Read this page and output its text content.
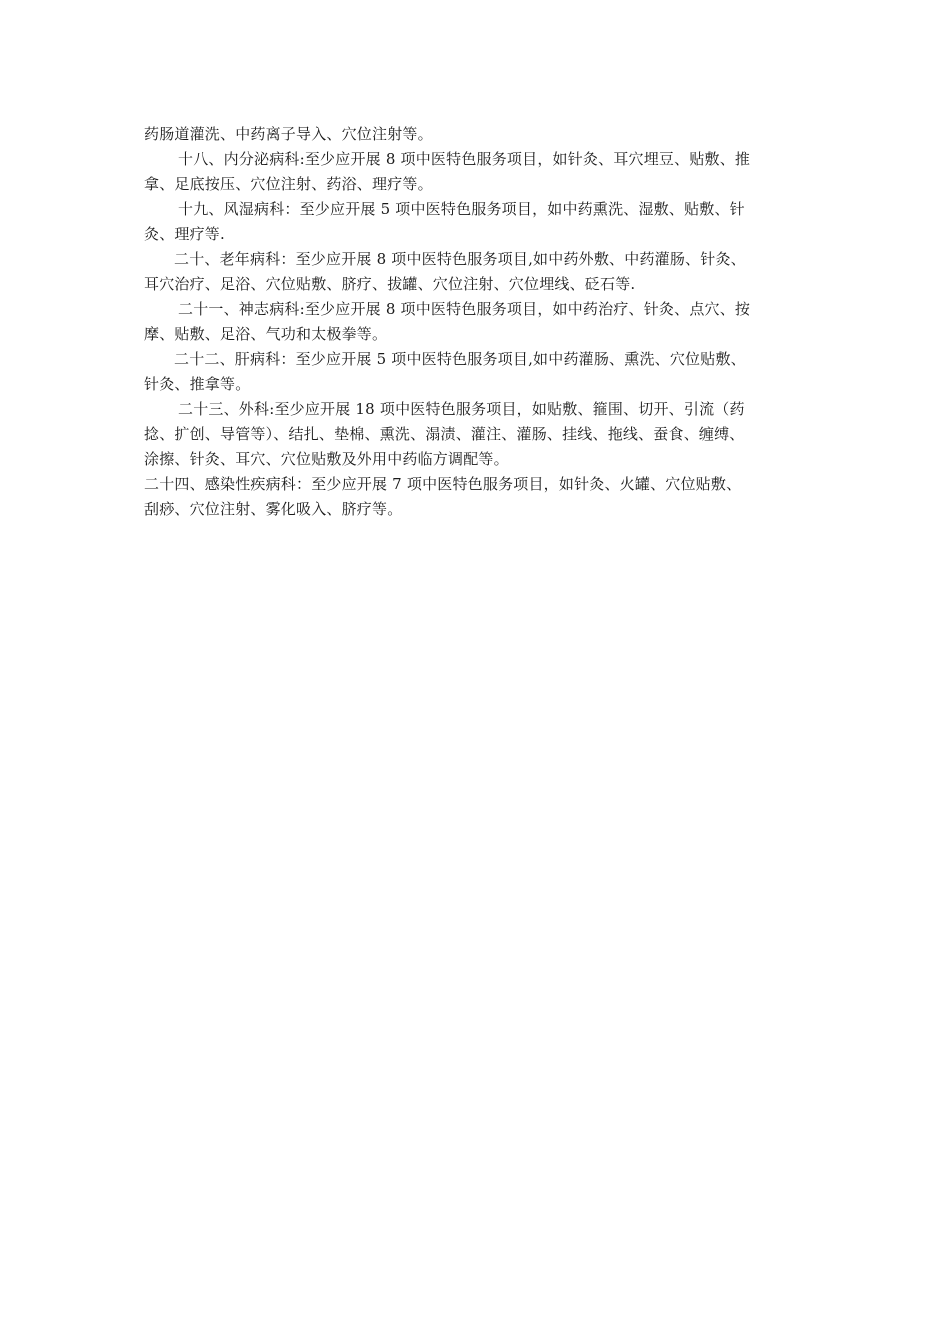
药肠道灌洗、中药离子导入、穴位注射等。
十八、内分泌病科:至少应开展 8 项中医特色服务项目，如针灸、耳穴埋豆、贴敷、推
拿、足底按压、穴位注射、药浴、理疗等。
十九、风湿病科：至少应开展 5 项中医特色服务项目，如中药熏洗、湿敷、贴敷、针
灸、理疗等.
二十、老年病科：至少应开展 8 项中医特色服务项目,如中药外敷、中药灌肠、针灸、
耳穴治疗、足浴、穴位贴敷、脐疗、拔罐、穴位注射、穴位埋线、砭石等.
二十一、神志病科:至少应开展 8 项中医特色服务项目，如中药治疗、针灸、点穴、按
摩、贴敷、足浴、气功和太极拳等。
二十二、肝病科：至少应开展 5 项中医特色服务项目,如中药灌肠、熏洗、穴位贴敷、
针灸、推拿等。
二十三、外科:至少应开展 18 项中医特色服务项目，如贴敷、箍围、切开、引流（药
捻、扩创、导管等）、结扎、垫棉、熏洗、溻渍、灌注、灌肠、挂线、拖线、蚕食、缠缚、
涂擦、针灸、耳穴、穴位贴敷及外用中药临方调配等。
二十四、感染性疾病科：至少应开展 7 项中医特色服务项目，如针灸、火罐、穴位贴敷、
刮痧、穴位注射、雾化吸入、脐疗等。
